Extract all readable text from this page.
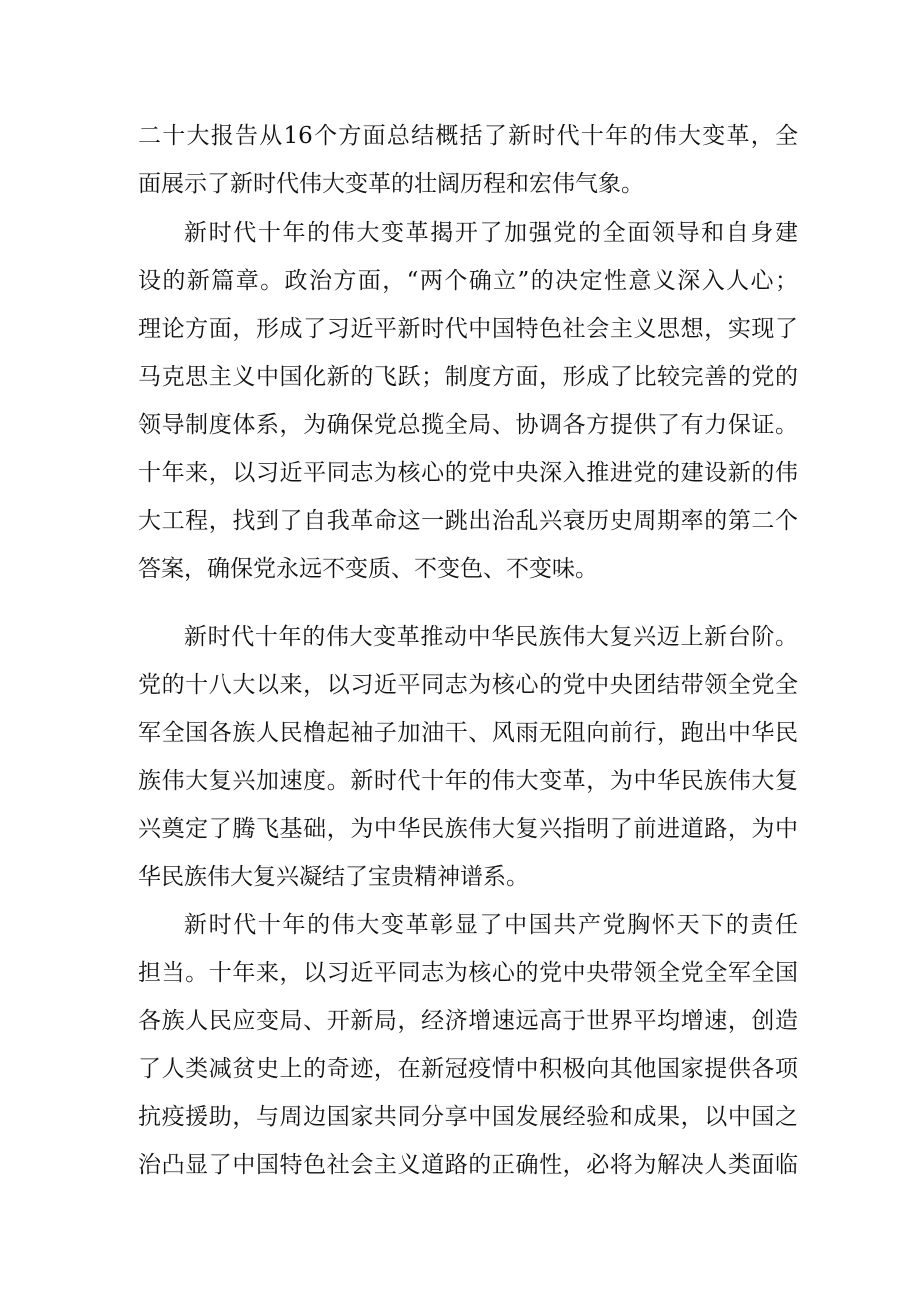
二十大报告从16个方面总结概括了新时代十年的伟大变革，全
面展示了新时代伟大变革的壮阔历程和宏伟气象。
新时代十年的伟大变革揭开了加强党的全面领导和自身建
设的新篇章。政治方面，“两个确立”的决定性意义深入人心；
理论方面，形成了习近平新时代中国特色社会主义思想，实现了
马克思主义中国化新的飞跃；制度方面，形成了比较完善的党的
领导制度体系，为确保党总揽全局、协调各方提供了有力保证。
十年来，以习近平同志为核心的党中央深入推进党的建设新的伟
大工程，找到了自我革命这一跳出治乱兴衰历史周期率的第二个
答案，确保党永远不变质、不变色、不变味。
新时代十年的伟大变革推动中华民族伟大复兴迈上新台阶。
党的十八大以来，以习近平同志为核心的党中央团结带领全党全
军全国各族人民橹起袖子加油干、风雨无阻向前行，跑出中华民
族伟大复兴加速度。新时代十年的伟大变革，为中华民族伟大复
兴奠定了腾飞基础，为中华民族伟大复兴指明了前进道路，为中
华民族伟大复兴凝结了宝贵精神谱系。
新时代十年的伟大变革彰显了中国共产党胸怀天下的责任
担当。十年来，以习近平同志为核心的党中央带领全党全军全国
各族人民应变局、开新局，经济增速远高于世界平均增速，创造
了人类减贫史上的奇迹，在新冠疫情中积极向其他国家提供各项
抗疫援助，与周边国家共同分享中国发展经验和成果，以中国之
治凸显了中国特色社会主义道路的正确性，必将为解决人类面临
